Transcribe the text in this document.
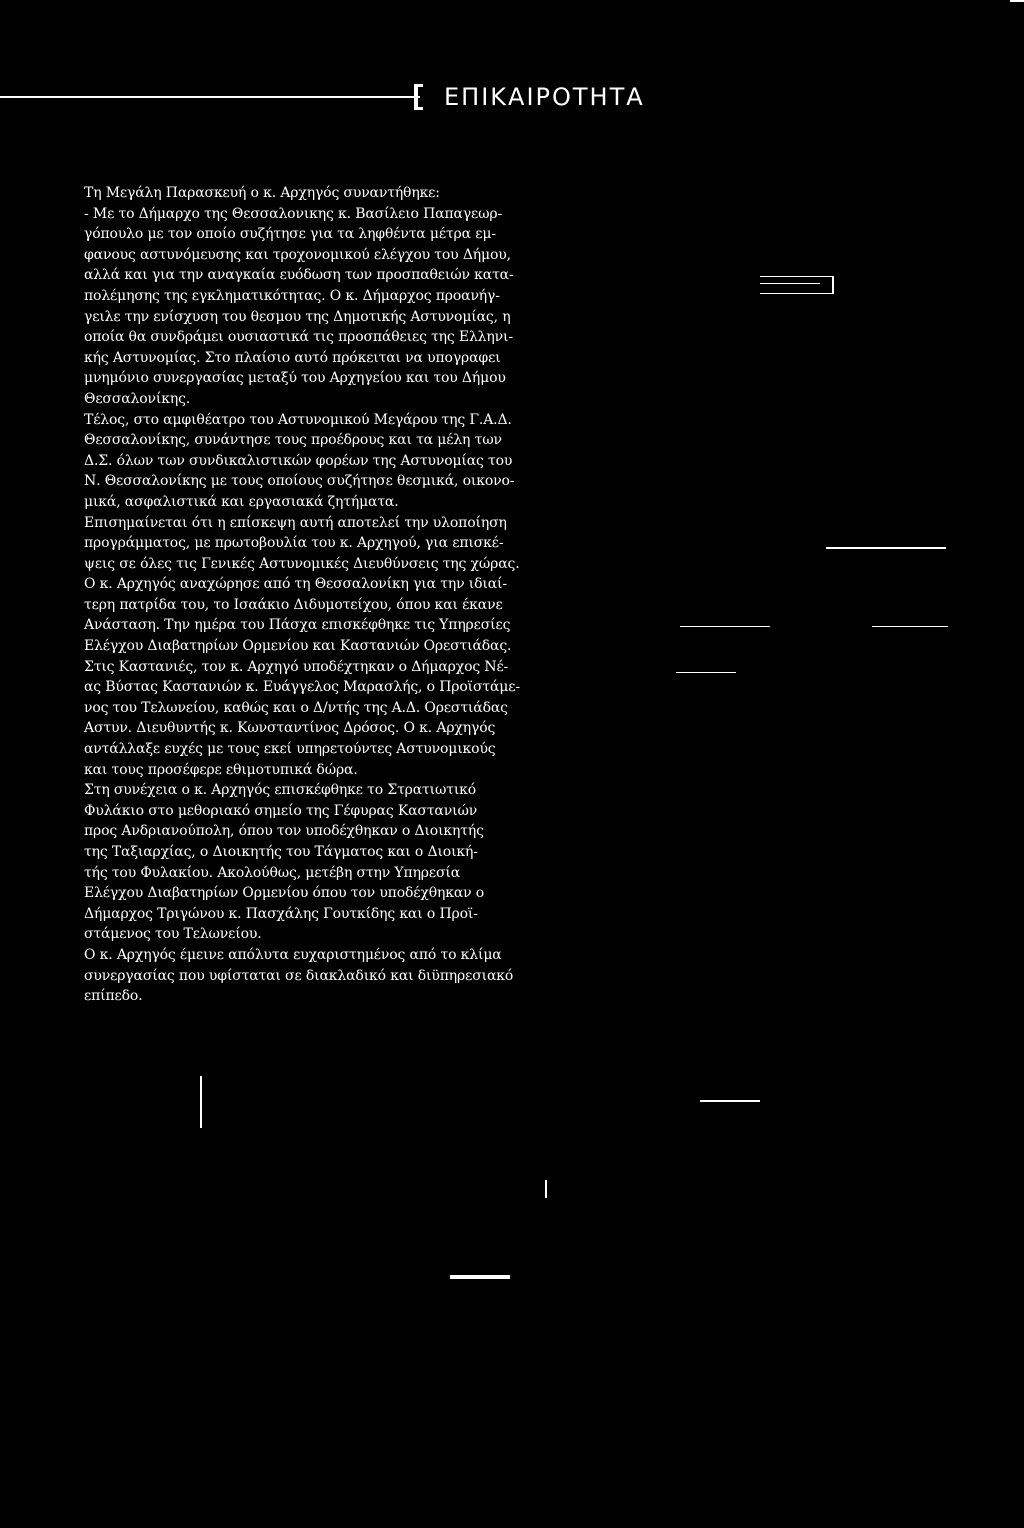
ΕΠΙΚΑΙΡΟΤΗΤΑ

Τη Μεγάλη Παρασκευή ο κ. Αρχηγός συναντήθηκε:

- Με το Δήμαρχο της Θεσσαλονικης κ. Βασίλειο Παπαγεωρ-

γόπουλο με τον οποίο συζήτησε για τα ληφθέντα μέτρα εμ-

φανους αστυνόμευσης και τροχονομικού ελέγχου του Δήμου,

αλλά και για την αναγκαία ευόδωση των προσπαθειών κατα-

πολέμησης της εγκληματικότητας. Ο κ. Δήμαρχος προανήγ-

γειλε την ενίσχυση του θεσμου της Δημοτικής Αστυνομίας, η

οποία θα συνδράμει ουσιαστικά τις προσπάθειες της Ελληνι-

κής Αστυνομίας. Στο πλαίσιο αυτό πρόκειται να υπογραφει

μνημόνιο συνεργασίας μεταξύ του Αρχηγείου και του Δήμου

Θεσσαλονίκης.

Τέλος, στο αμφιθέατρο του Αστυνομικού Μεγάρου της Γ.Α.Δ.

Θεσσαλονίκης, συνάντησε τους προέδρους και τα μέλη των

Δ.Σ. όλων των συνδικαλιστικών φορέων της Αστυνομίας του

Ν. Θεσσαλονίκης με τους οποίους συζήτησε θεσμικά, οικονο-

μικά, ασφαλιστικά και εργασιακά ζητήματα.

Επισημαίνεται ότι η επίσκεψη αυτή αποτελεί την υλοποίηση

προγράμματος, με πρωτοβουλία του κ. Αρχηγού, για επισκέ-

ψεις σε όλες τις Γενικές Αστυνομικές Διευθύνσεις της χώρας.

Ο κ. Αρχηγός αναχώρησε από τη Θεσσαλονίκη για την ιδιαί-

τερη πατρίδα του, το Ισαάκιο Διδυμοτείχου, όπου και έκανε

Ανάσταση. Την ημέρα του Πάσχα επισκέφθηκε τις Υπηρεσίες

Ελέγχου Διαβατηρίων Ορμενίου και Καστανιών Ορεστιάδας.

Στις Καστανιές, τον κ. Αρχηγό υποδέχτηκαν ο Δήμαρχος Νέ-

ας Βύστας Καστανιών κ. Ευάγγελος Μαρασλής, ο Προϊστάμε-

νος του Τελωνείου, καθώς και ο Δ/ντής της Α.Δ. Ορεστιάδας

Αστυν. Διευθυντής κ. Κωνσταντίνος Δρόσος. Ο κ. Αρχηγός

αντάλλαξε ευχές με τους εκεί υπηρετούντες Αστυνομικούς

και τους προσέφερε εθιμοτυπικά δώρα.

Στη συνέχεια ο κ. Αρχηγός επισκέφθηκε το Στρατιωτικό

Φυλάκιο στο μεθοριακό σημείο της Γέφυρας Καστανιών

προς Ανδριανούπολη, όπου τον υποδέχθηκαν ο Διοικητής

της Ταξιαρχίας, ο Διοικητής του Τάγματος και ο Διοική-

τής του Φυλακίου. Ακολούθως, μετέβη στην Υπηρεσία

Ελέγχου Διαβατηρίων Ορμενίου όπου τον υποδέχθηκαν ο

Δήμαρχος Τριγώνου κ. Πασχάλης Γουτκίδης και ο Προϊ-

στάμενος του Τελωνείου.

Ο κ. Αρχηγός έμεινε απόλυτα ευχαριστημένος από το κλίμα

συνεργασίας που υφίσταται σε διακλαδικό και διϋπηρεσιακό

επίπεδο.
